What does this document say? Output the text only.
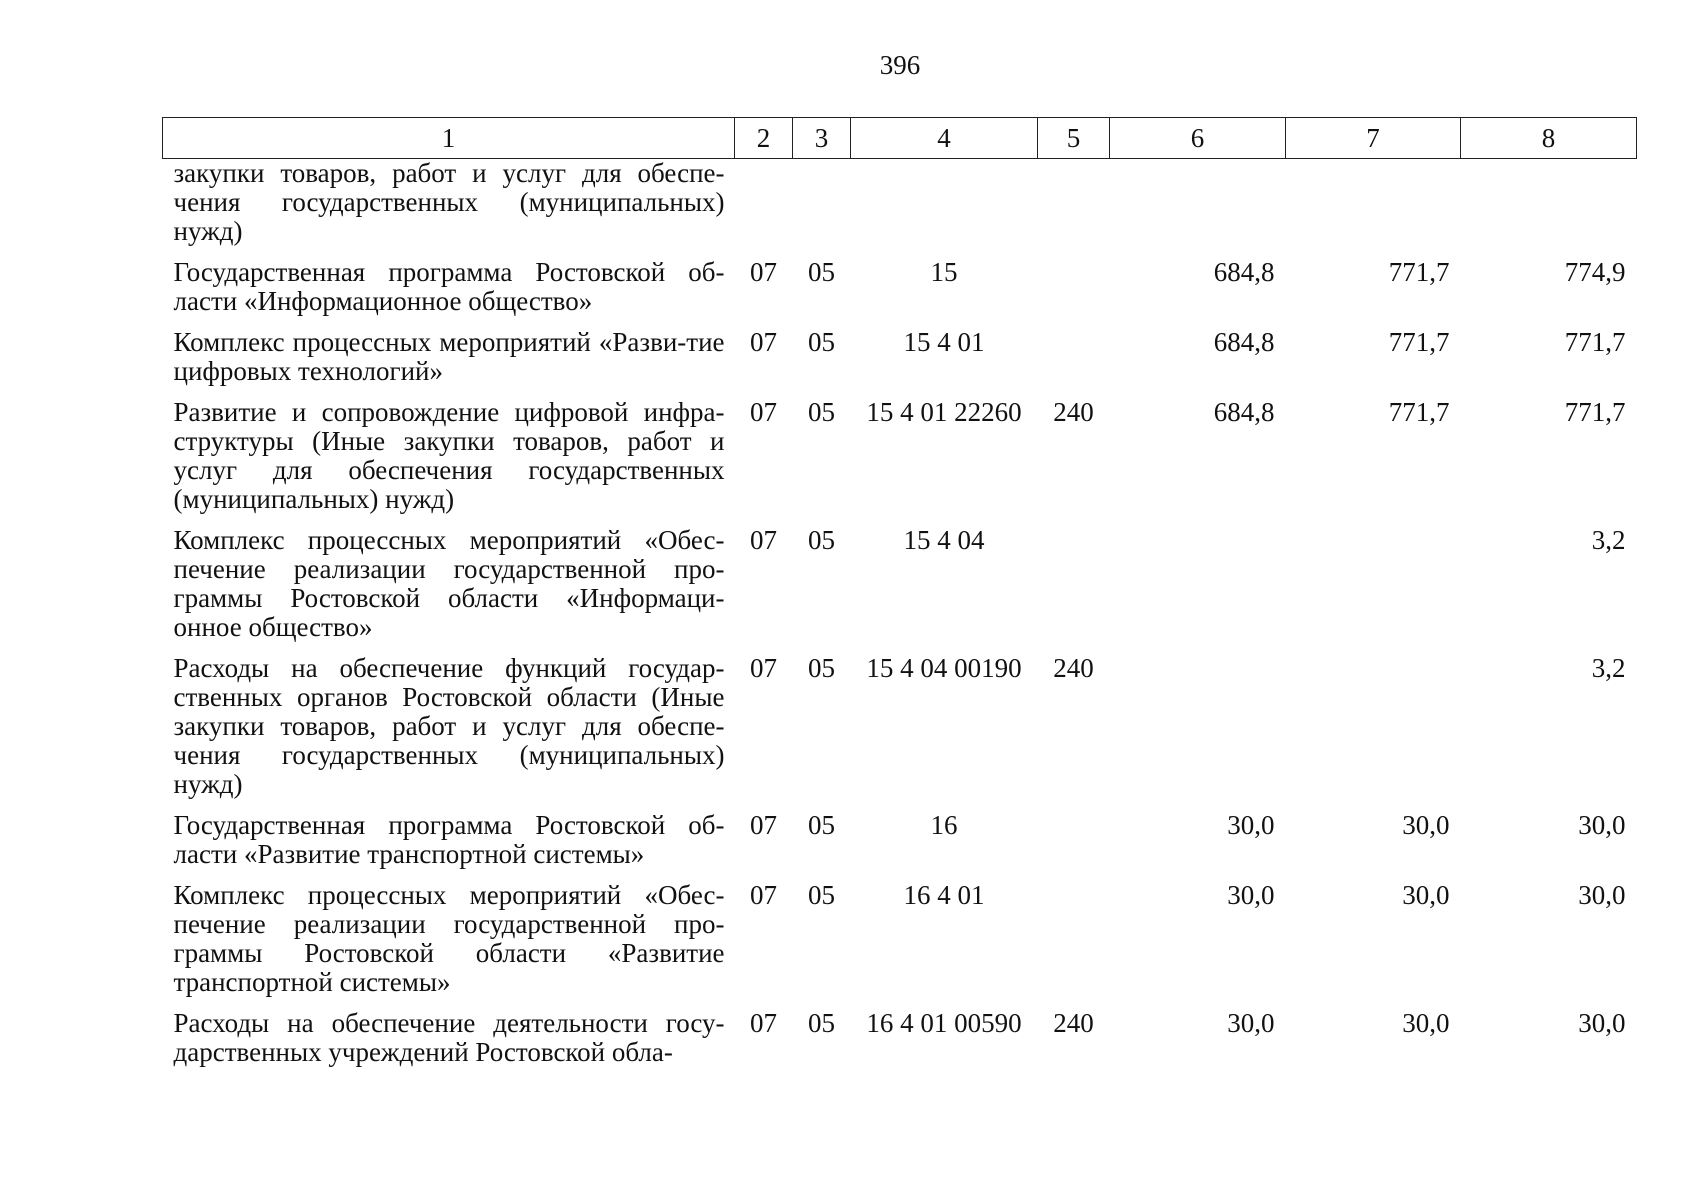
396
1	2	3	4	5	6	7	8
закупки товаров, работ и услуг для обеспе-чения государственных (муниципальных) нужд)							
Государственная программа Ростовской об-ласти «Информационное общество»	07	05	15		684,8	771,7	774,9
Комплекс процессных мероприятий «Разви-тие цифровых технологий»	07	05	15 4 01		684,8	771,7	771,7
Развитие и сопровождение цифровой инфра-структуры (Иные закупки товаров, работ и услуг для обеспечения государственных (муниципальных) нужд)	07	05	15 4 01 22260	240	684,8	771,7	771,7
Комплекс процессных мероприятий «Обес-печение реализации государственной про-граммы Ростовской области «Информаци-онное общество»	07	05	15 4 04				3,2
Расходы на обеспечение функций государ-ственных органов Ростовской области (Иные закупки товаров, работ и услуг для обеспе-чения государственных (муниципальных) нужд)	07	05	15 4 04 00190	240			3,2
Государственная программа Ростовской об-ласти «Развитие транспортной системы»	07	05	16		30,0	30,0	30,0
Комплекс процессных мероприятий «Обес-печение реализации государственной про-граммы Ростовской области «Развитие транспортной системы»	07	05	16 4 01		30,0	30,0	30,0
Расходы на обеспечение деятельности госу-дарственных учреждений Ростовской обла-	07	05	16 4 01 00590	240	30,0	30,0	30,0
